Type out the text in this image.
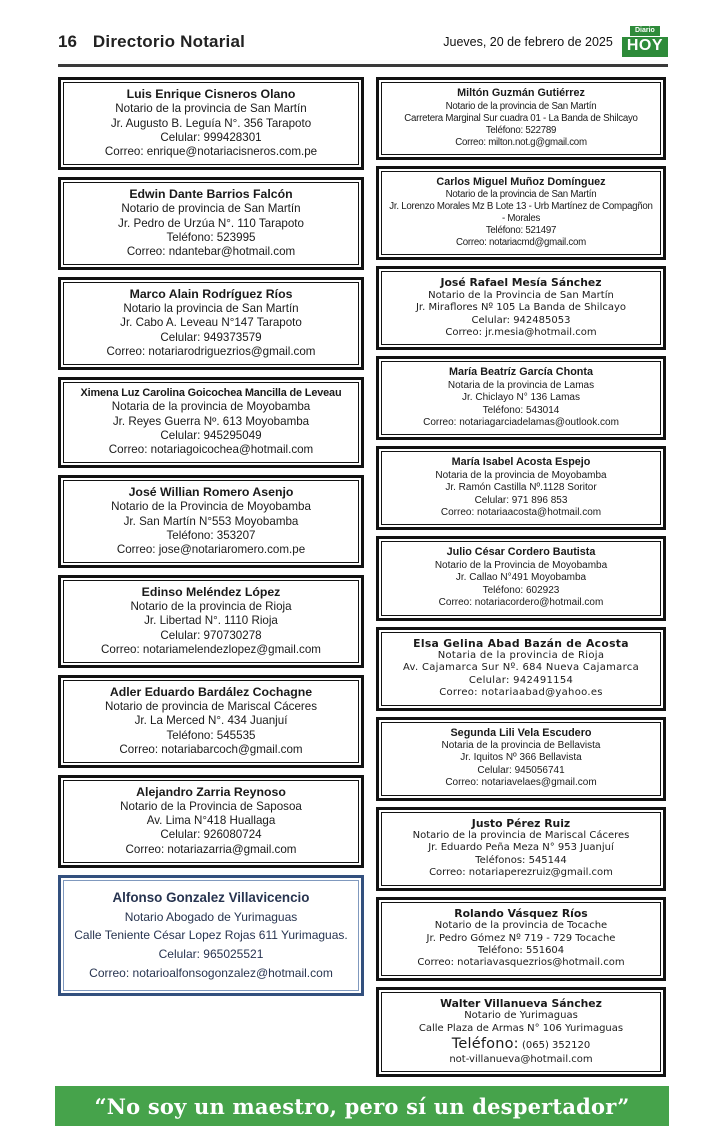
16 Directorio Notarial	Jueves, 20 de febrero de 2025
Diario
HOY
Luis Enrique Cisneros Olano
Notario de la provincia de San Martín
Jr. Augusto B. Leguía N°. 356 Tarapoto
Celular: 999428301
Correo: enrique@notariacisneros.com.pe
Edwin Dante Barrios Falcón
Notario de provincia de San Martín
Jr. Pedro de Urzúa N°. 110 Tarapoto
Teléfono: 523995
Correo: ndantebar@hotmail.com
Marco Alain Rodríguez Ríos
Notario la provincia de San Martín
Jr. Cabo A. Leveau N°147 Tarapoto
Celular: 949373579
Correo: notariarodriguezrios@gmail.com
Ximena Luz Carolina Goicochea Mancilla de Leveau
Notaria de la provincia de Moyobamba
Jr. Reyes Guerra Nº. 613 Moyobamba
Celular: 945295049
Correo: notariagoicochea@hotmail.com
José Willian Romero Asenjo
Notario de la Provincia de Moyobamba
Jr. San Martín N°553 Moyobamba
Teléfono: 353207
Correo: jose@notariaromero.com.pe
Edinso Meléndez López
Notario de la provincia de Rioja
Jr. Libertad N°. 1110 Rioja
Celular: 970730278
Correo: notariamelendezlopez@gmail.com
Adler Eduardo Bardález Cochagne
Notario de provincia de Mariscal Cáceres
Jr. La Merced N°. 434 Juanjuí
Teléfono: 545535
Correo: notariabarcoch@gmail.com
Alejandro Zarria Reynoso
Notario de la Provincia de Saposoa
Av. Lima N°418 Huallaga
Celular: 926080724
Correo: notariazarria@gmail.com
Alfonso Gonzalez Villavicencio
Notario Abogado de Yurimaguas
Calle Teniente César Lopez Rojas 611 Yurimaguas.
Celular: 965025521
Correo: notarioalfonsogonzalez@hotmail.com
Miltón Guzmán Gutiérrez
Notario de la provincia de San Martín
Carretera Marginal Sur cuadra 01 - La Banda de Shilcayo
Teléfono: 522789
Correo: milton.not.g@gmail.com
Carlos Miguel Muñoz Domínguez
Notario de la provincia de San Martín
Jr. Lorenzo Morales Mz B Lote 13 - Urb Martínez de Compagñon
- Morales
Teléfono: 521497
Correo: notariacmd@gmail.com
José Rafael Mesía Sánchez
Notario de la Provincia de San Martín
Jr. Miraflores Nº 105 La Banda de Shilcayo
Celular: 942485053
Correo: jr.mesia@hotmail.com
María Beatríz García Chonta
Notaria de la provincia de Lamas
Jr. Chiclayo N° 136 Lamas
Teléfono: 543014
Correo: notariagarciadelamas@outlook.com
María Isabel Acosta Espejo
Notaria de la provincia de Moyobamba
Jr. Ramón Castilla Nº.1128 Soritor
Celular: 971 896 853
Correo: notariaacosta@hotmail.com
Julio César Cordero Bautista
Notario de la Provincia de Moyobamba
Jr. Callao N°491 Moyobamba
Teléfono: 602923
Correo: notariacordero@hotmail.com
Elsa Gelina Abad Bazán de Acosta
Notaria de la provincia de Rioja
Av. Cajamarca Sur Nº. 684 Nueva Cajamarca
Celular: 942491154
Correo: notariaabad@yahoo.es
Segunda Lili Vela Escudero
Notaria de la provincia de Bellavista
Jr. Iquitos Nº 366 Bellavista
Celular: 945056741
Correo: notariavelaes@gmail.com
Justo Pérez Ruiz
Notario de la provincia de Mariscal Cáceres
Jr. Eduardo Peña Meza N° 953 Juanjuí
Teléfonos: 545144
Correo: notariaperezruiz@gmail.com
Rolando Vásquez Ríos
Notario de la provincia de Tocache
Jr. Pedro Gómez Nº 719 - 729 Tocache
Teléfono: 551604
Correo: notariavasquezrios@hotmail.com
Walter Villanueva Sánchez
Notario de Yurimaguas
Calle Plaza de Armas N° 106 Yurimaguas
Teléfono: (065) 352120
not-villanueva@hotmail.com
“No soy un maestro, pero sí un despertador”
